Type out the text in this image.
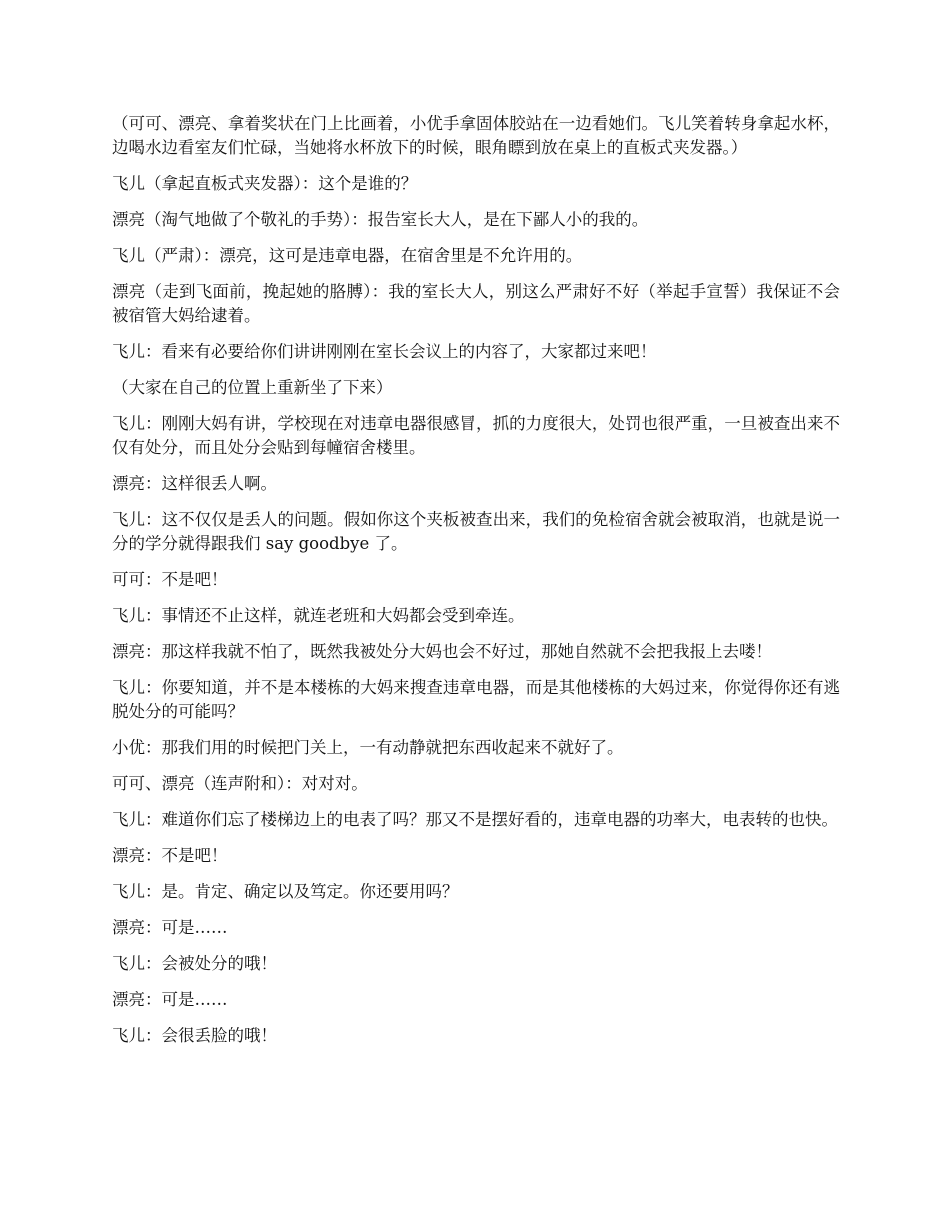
（可可、漂亮、拿着奖状在门上比画着，小优手拿固体胶站在一边看她们。飞儿笑着转身拿起水杯，边喝水边看室友们忙碌，当她将水杯放下的时候，眼角瞟到放在桌上的直板式夹发器。）

飞儿（拿起直板式夹发器）：这个是谁的？

漂亮（淘气地做了个敬礼的手势）：报告室长大人，是在下鄙人小的我的。

飞儿（严肃）：漂亮，这可是违章电器，在宿舍里是不允许用的。

漂亮（走到飞面前，挽起她的胳膊）：我的室长大人，别这么严肃好不好（举起手宣誓）我保证不会被宿管大妈给逮着。

飞儿：看来有必要给你们讲讲刚刚在室长会议上的内容了，大家都过来吧！

（大家在自己的位置上重新坐了下来）

飞儿：刚刚大妈有讲，学校现在对违章电器很感冒，抓的力度很大，处罚也很严重，一旦被查出来不仅有处分，而且处分会贴到每幢宿舍楼里。

漂亮：这样很丢人啊。

飞儿：这不仅仅是丢人的问题。假如你这个夹板被查出来，我们的免检宿舍就会被取消，也就是说一分的学分就得跟我们 say goodbye 了。

可可：不是吧！

飞儿：事情还不止这样，就连老班和大妈都会受到牵连。

漂亮：那这样我就不怕了，既然我被处分大妈也会不好过，那她自然就不会把我报上去喽！

飞儿：你要知道，并不是本楼栋的大妈来搜查违章电器，而是其他楼栋的大妈过来，你觉得你还有逃脱处分的可能吗？

小优：那我们用的时候把门关上，一有动静就把东西收起来不就好了。

可可、漂亮（连声附和）：对对对。

飞儿：难道你们忘了楼梯边上的电表了吗？那又不是摆好看的，违章电器的功率大，电表转的也快。

漂亮：不是吧！

飞儿：是。肯定、确定以及笃定。你还要用吗？

漂亮：可是……

飞儿：会被处分的哦！

漂亮：可是……

飞儿：会很丢脸的哦！
